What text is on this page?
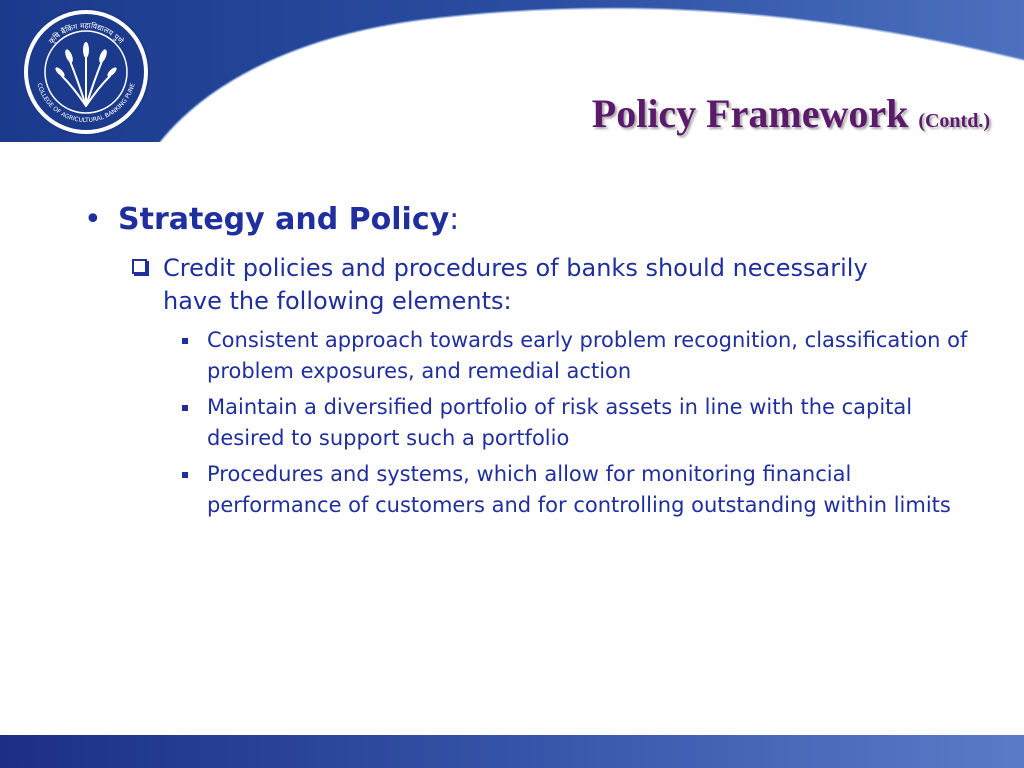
कृषि बैंकिंग महाविद्यालय पुणे
COLLEGE OF AGRICULTURAL BANKING PUNE
Policy Framework (Contd.)
• Strategy and Policy:
Credit policies and procedures of banks should necessarily have the following elements:
Consistent approach towards early problem recognition, classification of problem exposures, and remedial action
Maintain a diversified portfolio of risk assets in line with the capital desired to support such a portfolio
Procedures and systems, which allow for monitoring financial performance of customers and for controlling outstanding within limits
